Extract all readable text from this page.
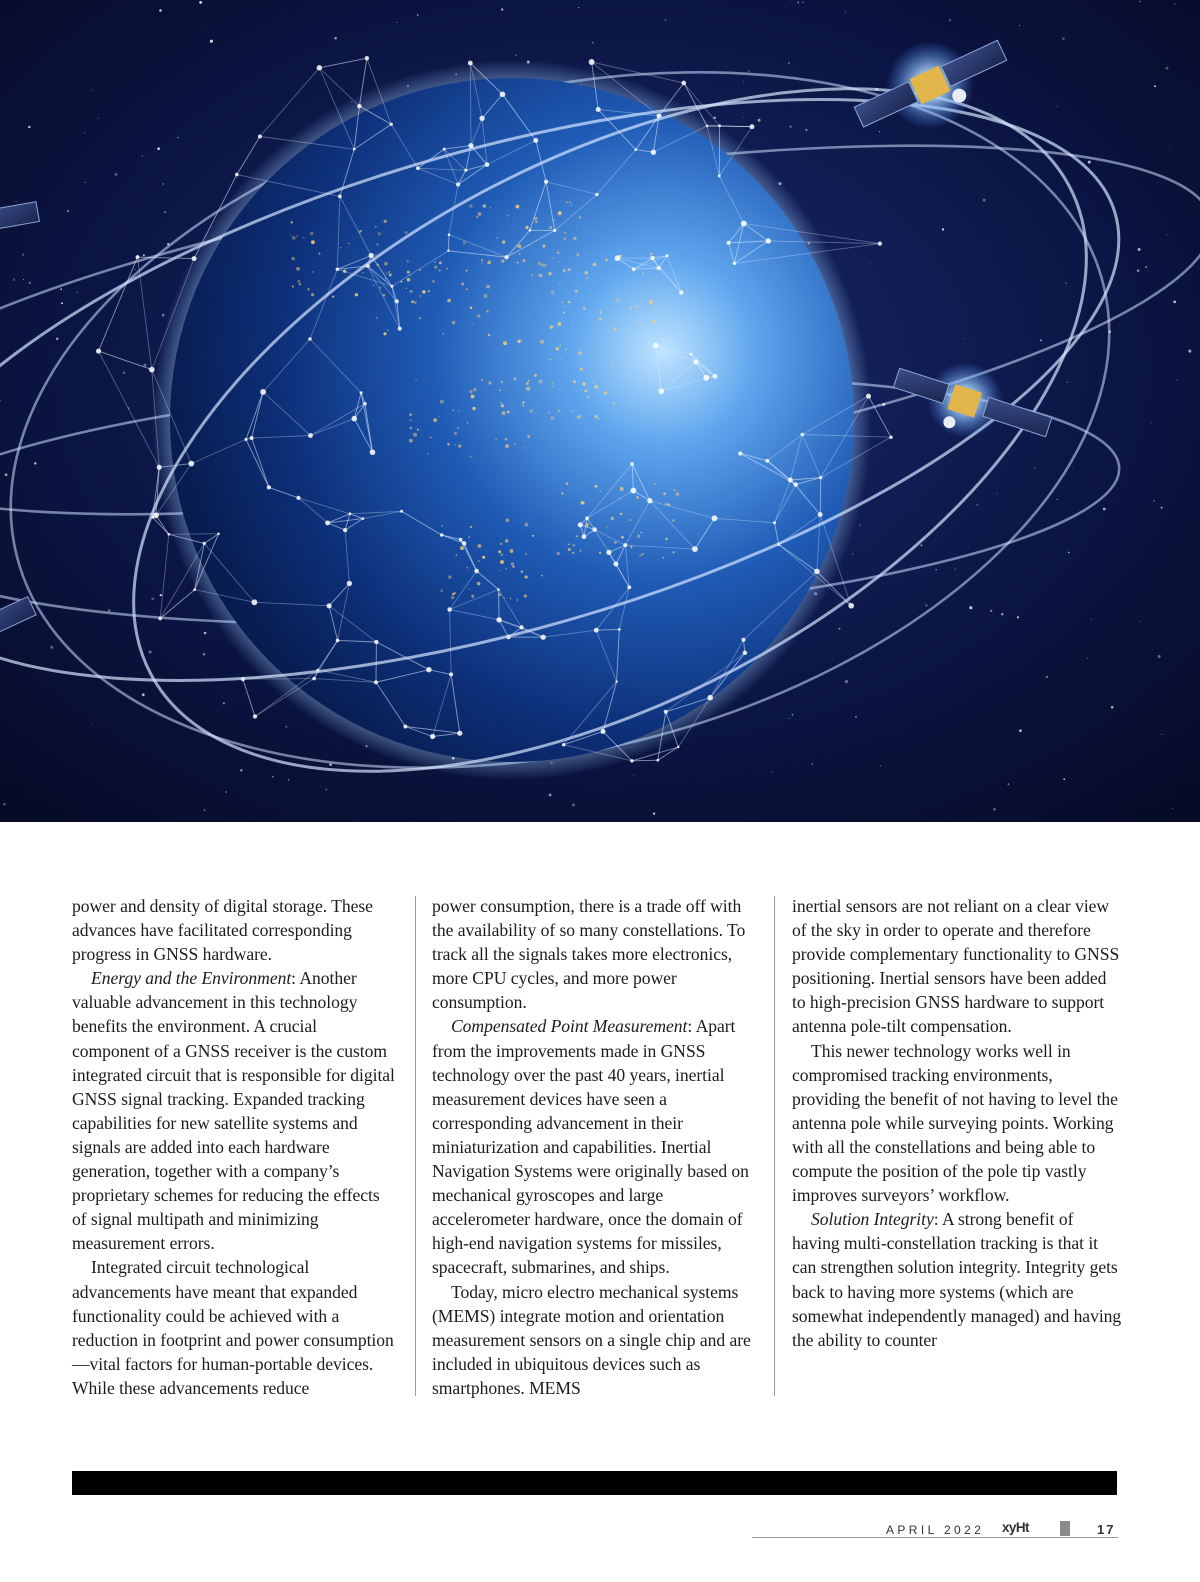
power and density of digital storage. These advances have facilitated corresponding progress in GNSS hardware.

Energy and the Environment: Another valuable advancement in this technology benefits the environment. A crucial component of a GNSS receiver is the custom integrated circuit that is responsible for digital GNSS signal tracking. Expanded tracking capabilities for new satellite systems and signals are added into each hardware generation, together with a company’s proprietary schemes for reducing the effects of signal multipath and minimizing measurement errors.

Integrated circuit technological advancements have meant that expanded functionality could be achieved with a reduction in footprint and power consumption—vital factors for human-portable devices. While these advancements reduce

power consumption, there is a trade off with the availability of so many constellations. To track all the signals takes more electronics, more CPU cycles, and more power consumption.

Compensated Point Measurement: Apart from the improvements made in GNSS technology over the past 40 years, inertial measurement devices have seen a corresponding advancement in their miniaturization and capabilities. Inertial Navigation Systems were originally based on mechanical gyroscopes and large accelerometer hardware, once the domain of high-end navigation systems for missiles, spacecraft, submarines, and ships.

Today, micro electro mechanical systems (MEMS) integrate motion and orientation measurement sensors on a single chip and are included in ubiquitous devices such as smartphones. MEMS

inertial sensors are not reliant on a clear view of the sky in order to operate and therefore provide complementary functionality to GNSS positioning. Inertial sensors have been added to high-precision GNSS hardware to support antenna pole-tilt compensation.

This newer technology works well in compromised tracking environments, providing the benefit of not having to level the antenna pole while surveying points. Working with all the constellations and being able to compute the position of the pole tip vastly improves surveyors’ workflow.

Solution Integrity: A strong benefit of having multi-constellation tracking is that it can strengthen solution integrity. Integrity gets back to having more systems (which are somewhat independently managed) and having the ability to counter

APRIL 2022 xyHt	17
